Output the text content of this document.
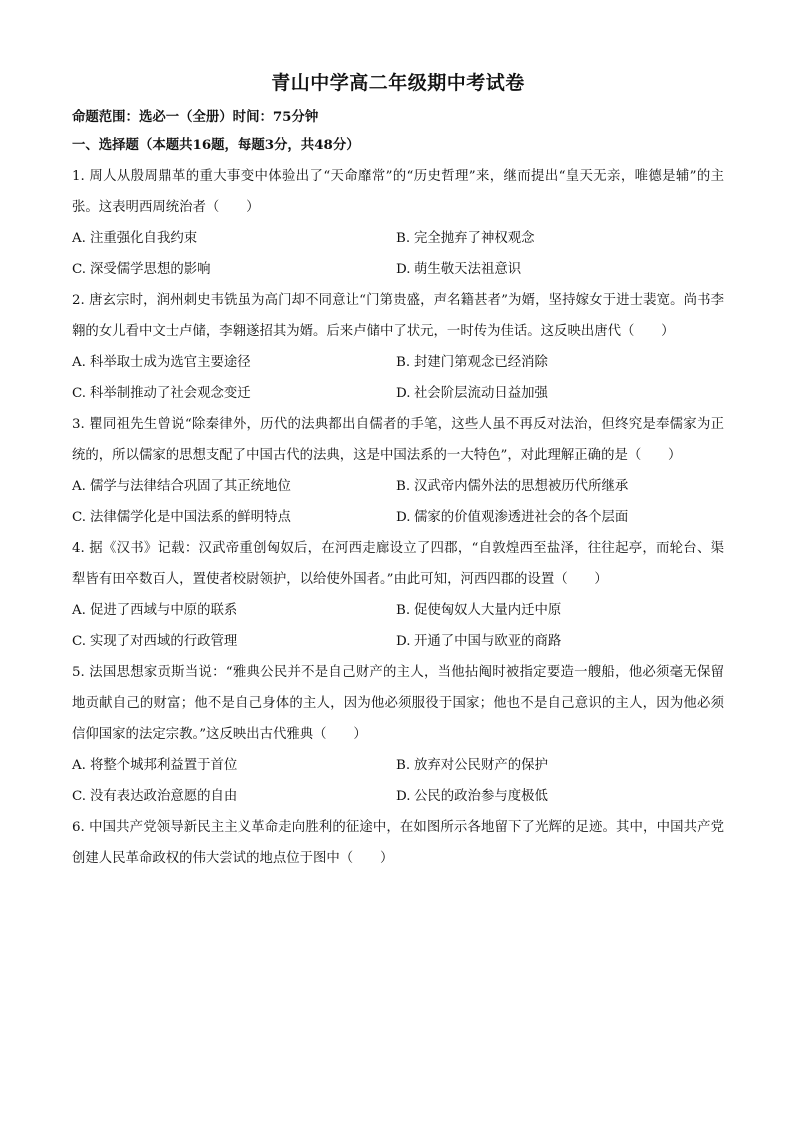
青山中学高二年级期中考试卷

命题范围：选必一（全册）时间：75分钟

一、选择题（本题共16题，每题3分，共48分）

1. 周人从殷周鼎革的重大事变中体验出了“天命靡常”的“历史哲理”来，继而提出“皇天无亲，唯德是辅”的主张。这表明西周统治者（　　）

A. 注重强化自我约束	B. 完全抛弃了神权观念
C. 深受儒学思想的影响	D. 萌生敬天法祖意识

2. 唐玄宗时，润州刺史韦铣虽为高门却不同意让“门第贵盛，声名籍甚者”为婿，坚持嫁女于进士裴宽。尚书李翱的女儿看中文士卢储，李翱遂招其为婿。后来卢储中了状元，一时传为佳话。这反映出唐代（　　）

A. 科举取士成为选官主要途径	B. 封建门第观念已经消除
C. 科举制推动了社会观念变迁	D. 社会阶层流动日益加强

3. 瞿同祖先生曾说“除秦律外，历代的法典都出自儒者的手笔，这些人虽不再反对法治，但终究是奉儒家为正统的，所以儒家的思想支配了中国古代的法典，这是中国法系的一大特色”，对此理解正确的是（　　）

A. 儒学与法律结合巩固了其正统地位	B. 汉武帝内儒外法的思想被历代所继承
C. 法律儒学化是中国法系的鲜明特点	D. 儒家的价值观渗透进社会的各个层面

4. 据《汉书》记载：汉武帝重创匈奴后，在河西走廊设立了四郡，“自敦煌西至盐泽，往往起亭，而轮台、渠犁皆有田卒数百人，置使者校尉领护，以给使外国者。”由此可知，河西四郡的设置（　　）

A. 促进了西域与中原的联系	B. 促使匈奴人大量内迁中原
C. 实现了对西域的行政管理	D. 开通了中国与欧亚的商路

5. 法国思想家贡斯当说：“雅典公民并不是自己财产的主人，当他拈阄时被指定要造一艘船，他必须毫无保留地贡献自己的财富；他不是自己身体的主人，因为他必须服役于国家；他也不是自己意识的主人，因为他必须信仰国家的法定宗教。”这反映出古代雅典（　　）

A. 将整个城邦利益置于首位	B. 放弃对公民财产的保护
C. 没有表达政治意愿的自由	D. 公民的政治参与度极低

6. 中国共产党领导新民主主义革命走向胜利的征途中，在如图所示各地留下了光辉的足迹。其中，中国共产党创建人民革命政权的伟大尝试的地点位于图中（　　）
